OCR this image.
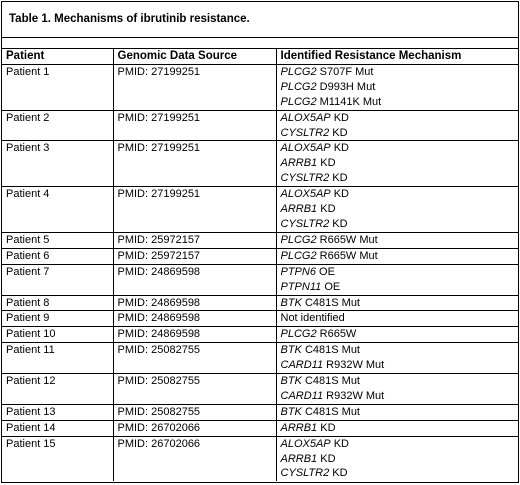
Table 1. Mechanisms of ibrutinib resistance.
Patient	Genomic Data Source	Identified Resistance Mechanism
Patient 1	PMID: 27199251	PLCG2 S707F Mut
PLCG2 D993H Mut
PLCG2 M1141K Mut

Patient 2	PMID: 27199251	ALOX5AP KD
CYSLTR2 KD

Patient 3	PMID: 27199251	ALOX5AP KD
ARRB1 KD
CYSLTR2 KD

Patient 4	PMID: 27199251	ALOX5AP KD
ARRB1 KD
CYSLTR2 KD

Patient 5	PMID: 25972157	PLCG2 R665W Mut

Patient 6	PMID: 25972157	PLCG2 R665W Mut

Patient 7	PMID: 24869598	PTPN6 OE
PTPN11 OE

Patient 8	PMID: 24869598	BTK C481S Mut

Patient 9	PMID: 24869598	Not identified

Patient 10	PMID: 24869598	PLCG2 R665W

Patient 11	PMID: 25082755	BTK C481S Mut
CARD11 R932W Mut

Patient 12	PMID: 25082755	BTK C481S Mut
CARD11 R932W Mut

Patient 13	PMID: 25082755	BTK C481S Mut

Patient 14	PMID: 26702066	ARRB1 KD

Patient 15	PMID: 26702066	ALOX5AP KD
ARRB1 KD
CYSLTR2 KD
